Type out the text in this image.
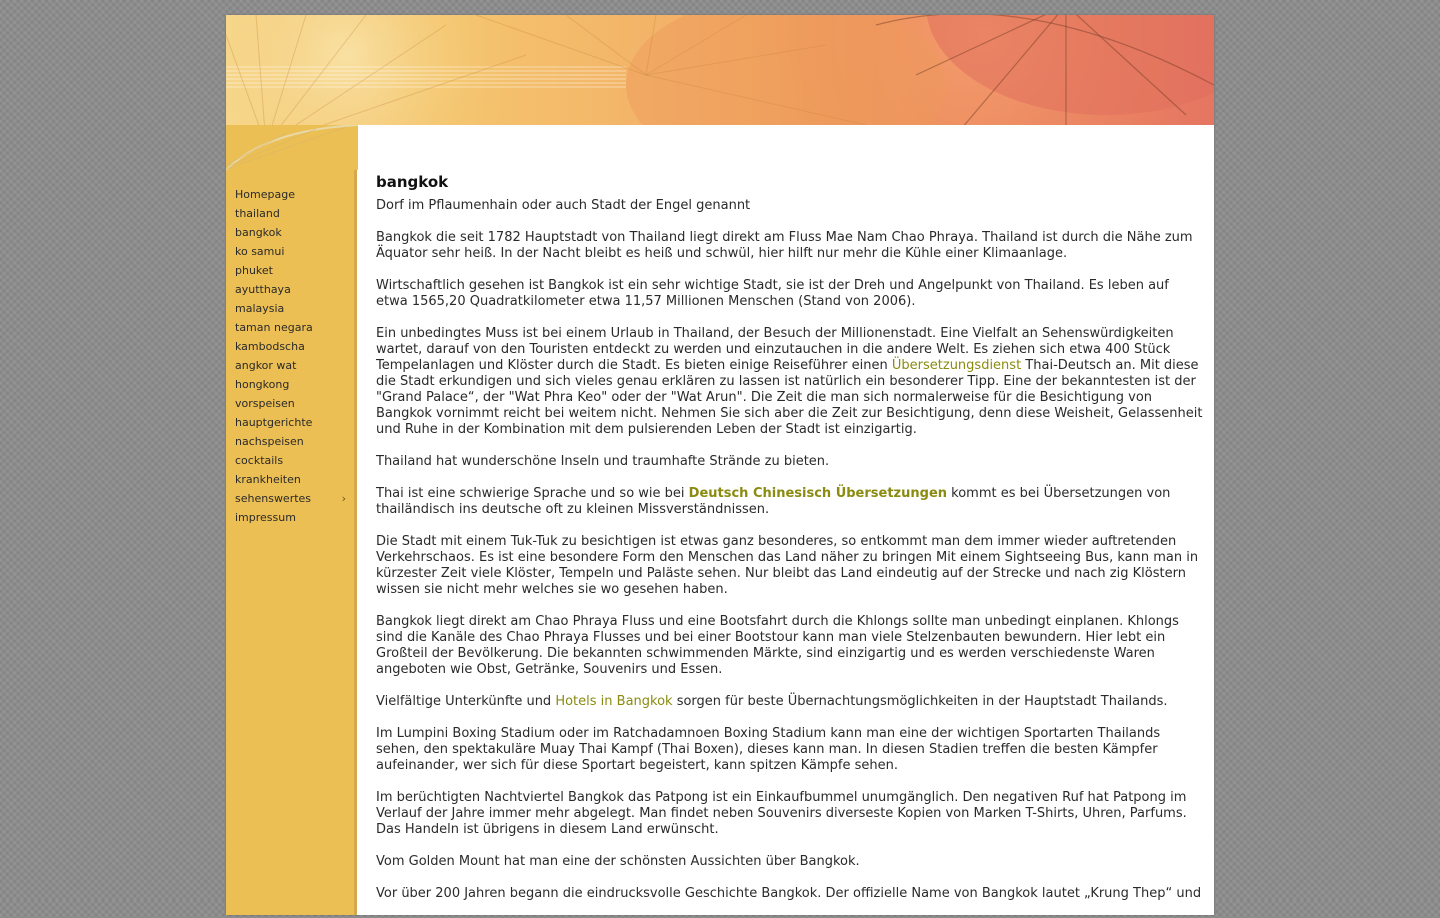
Homepage
thailand
bangkok
ko samui
phuket
ayutthaya
malaysia
taman negara
kambodscha
angkor wat
hongkong
vorspeisen
hauptgerichte
nachspeisen
cocktails
krankheiten
sehenswertes	›
impressum
bangkok

Dorf im Pflaumenhain oder auch Stadt der Engel genannt

Bangkok die seit 1782 Hauptstadt von Thailand liegt direkt am Fluss Mae Nam Chao Phraya. Thailand ist durch die Nähe zum Äquator sehr heiß. In der Nacht bleibt es heiß und schwül, hier hilft nur mehr die Kühle einer Klimaanlage.

Wirtschaftlich gesehen ist Bangkok ist ein sehr wichtige Stadt, sie ist der Dreh und Angelpunkt von Thailand. Es leben auf etwa 1565,20 Quadratkilometer etwa 11,57 Millionen Menschen (Stand von 2006).

Ein unbedingtes Muss ist bei einem Urlaub in Thailand, der Besuch der Millionenstadt. Eine Vielfalt an Sehenswürdigkeiten wartet, darauf von den Touristen entdeckt zu werden und einzutauchen in die andere Welt. Es ziehen sich etwa 400 Stück Tempelanlagen und Klöster durch die Stadt. Es bieten einige Reiseführer einen Übersetzungsdienst Thai-Deutsch an. Mit diese die Stadt erkundigen und sich vieles genau erklären zu lassen ist natürlich ein besonderer Tipp. Eine der bekanntesten ist der "Grand Palace“, der "Wat Phra Keo" oder der "Wat Arun". Die Zeit die man sich normalerweise für die Besichtigung von Bangkok vornimmt reicht bei weitem nicht. Nehmen Sie sich aber die Zeit zur Besichtigung, denn diese Weisheit, Gelassenheit und Ruhe in der Kombination mit dem pulsierenden Leben der Stadt ist einzigartig.

Thailand hat wunderschöne Inseln und traumhafte Strände zu bieten.

Thai ist eine schwierige Sprache und so wie bei Deutsch Chinesisch Übersetzungen kommt es bei Übersetzungen von thailändisch ins deutsche oft zu kleinen Missverständnissen.

Die Stadt mit einem Tuk-Tuk zu besichtigen ist etwas ganz besonderes, so entkommt man dem immer wieder auftretenden Verkehrschaos. Es ist eine besondere Form den Menschen das Land näher zu bringen Mit einem Sightseeing Bus, kann man in kürzester Zeit viele Klöster, Tempeln und Paläste sehen. Nur bleibt das Land eindeutig auf der Strecke und nach zig Klöstern wissen sie nicht mehr welches sie wo gesehen haben.

Bangkok liegt direkt am Chao Phraya Fluss und eine Bootsfahrt durch die Khlongs sollte man unbedingt einplanen. Khlongs sind die Kanäle des Chao Phraya Flusses und bei einer Bootstour kann man viele Stelzenbauten bewundern. Hier lebt ein Großteil der Bevölkerung. Die bekannten schwimmenden Märkte, sind einzigartig und es werden verschiedenste Waren angeboten wie Obst, Getränke, Souvenirs und Essen.

Vielfältige Unterkünfte und Hotels in Bangkok sorgen für beste Übernachtungsmöglichkeiten in der Hauptstadt Thailands.

Im Lumpini Boxing Stadium oder im Ratchadamnoen Boxing Stadium kann man eine der wichtigen Sportarten Thailands sehen, den spektakuläre Muay Thai Kampf (Thai Boxen), dieses kann man. In diesen Stadien treffen die besten Kämpfer aufeinander, wer sich für diese Sportart begeistert, kann spitzen Kämpfe sehen.

Im berüchtigten Nachtviertel Bangkok das Patpong ist ein Einkaufbummel unumgänglich. Den negativen Ruf hat Patpong im Verlauf der Jahre immer mehr abgelegt. Man findet neben Souvenirs diverseste Kopien von Marken T-Shirts, Uhren, Parfums. Das Handeln ist übrigens in diesem Land erwünscht.

Vom Golden Mount hat man eine der schönsten Aussichten über Bangkok.

Vor über 200 Jahren begann die eindrucksvolle Geschichte Bangkok. Der offizielle Name von Bangkok lautet „Krung Thep“ und
